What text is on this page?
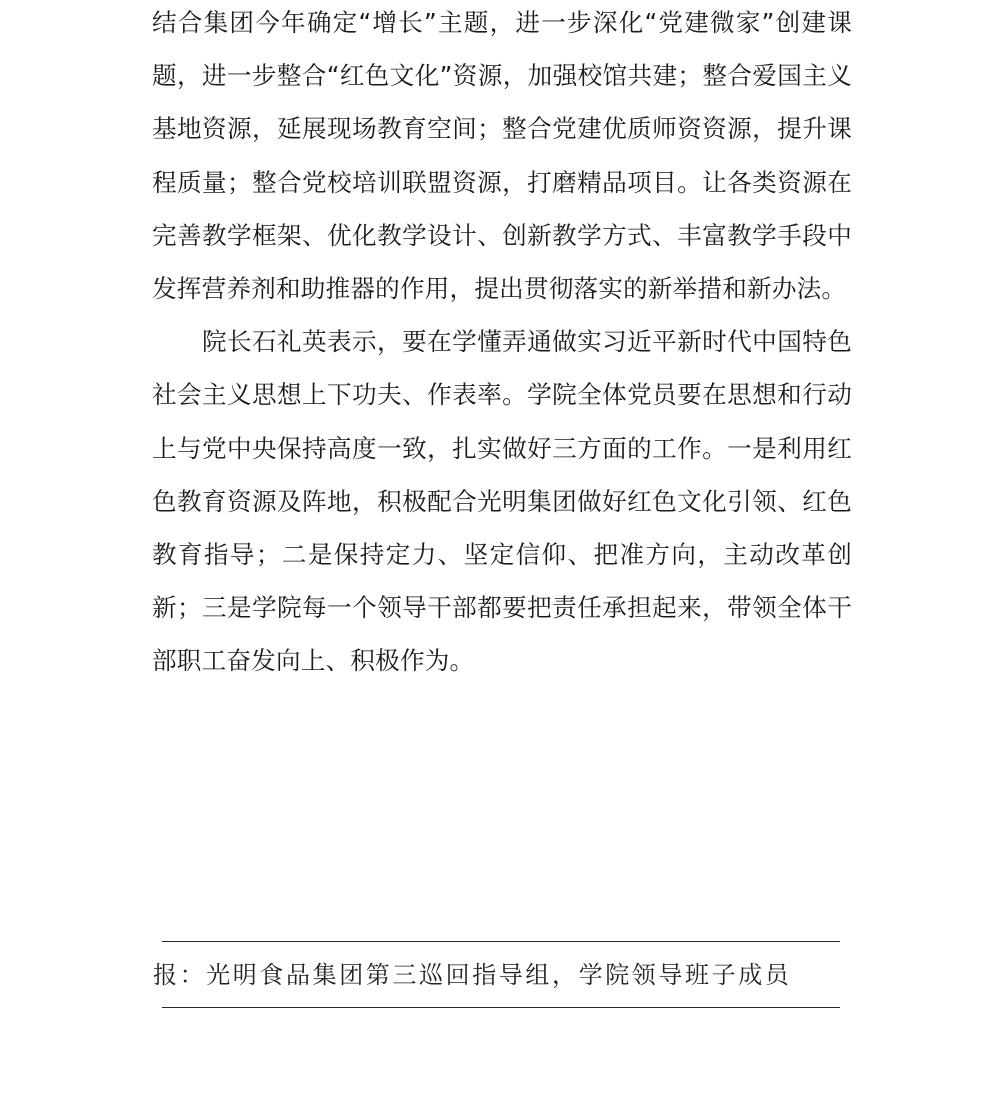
结合集团今年确定“增长”主题，进一步深化“党建微家”创建课题，进一步整合“红色文化”资源，加强校馆共建；整合爱国主义基地资源，延展现场教育空间；整合党建优质师资资源，提升课程质量；整合党校培训联盟资源，打磨精品项目。让各类资源在完善教学框架、优化教学设计、创新教学方式、丰富教学手段中发挥营养剂和助推器的作用，提出贯彻落实的新举措和新办法。

院长石礼英表示，要在学懂弄通做实习近平新时代中国特色社会主义思想上下功夫、作表率。学院全体党员要在思想和行动上与党中央保持高度一致，扎实做好三方面的工作。一是利用红色教育资源及阵地，积极配合光明集团做好红色文化引领、红色教育指导；二是保持定力、坚定信仰、把准方向，主动改革创新；三是学院每一个领导干部都要把责任承担起来，带领全体干部职工奋发向上、积极作为。

报：光明食品集团第三巡回指导组，学院领导班子成员
